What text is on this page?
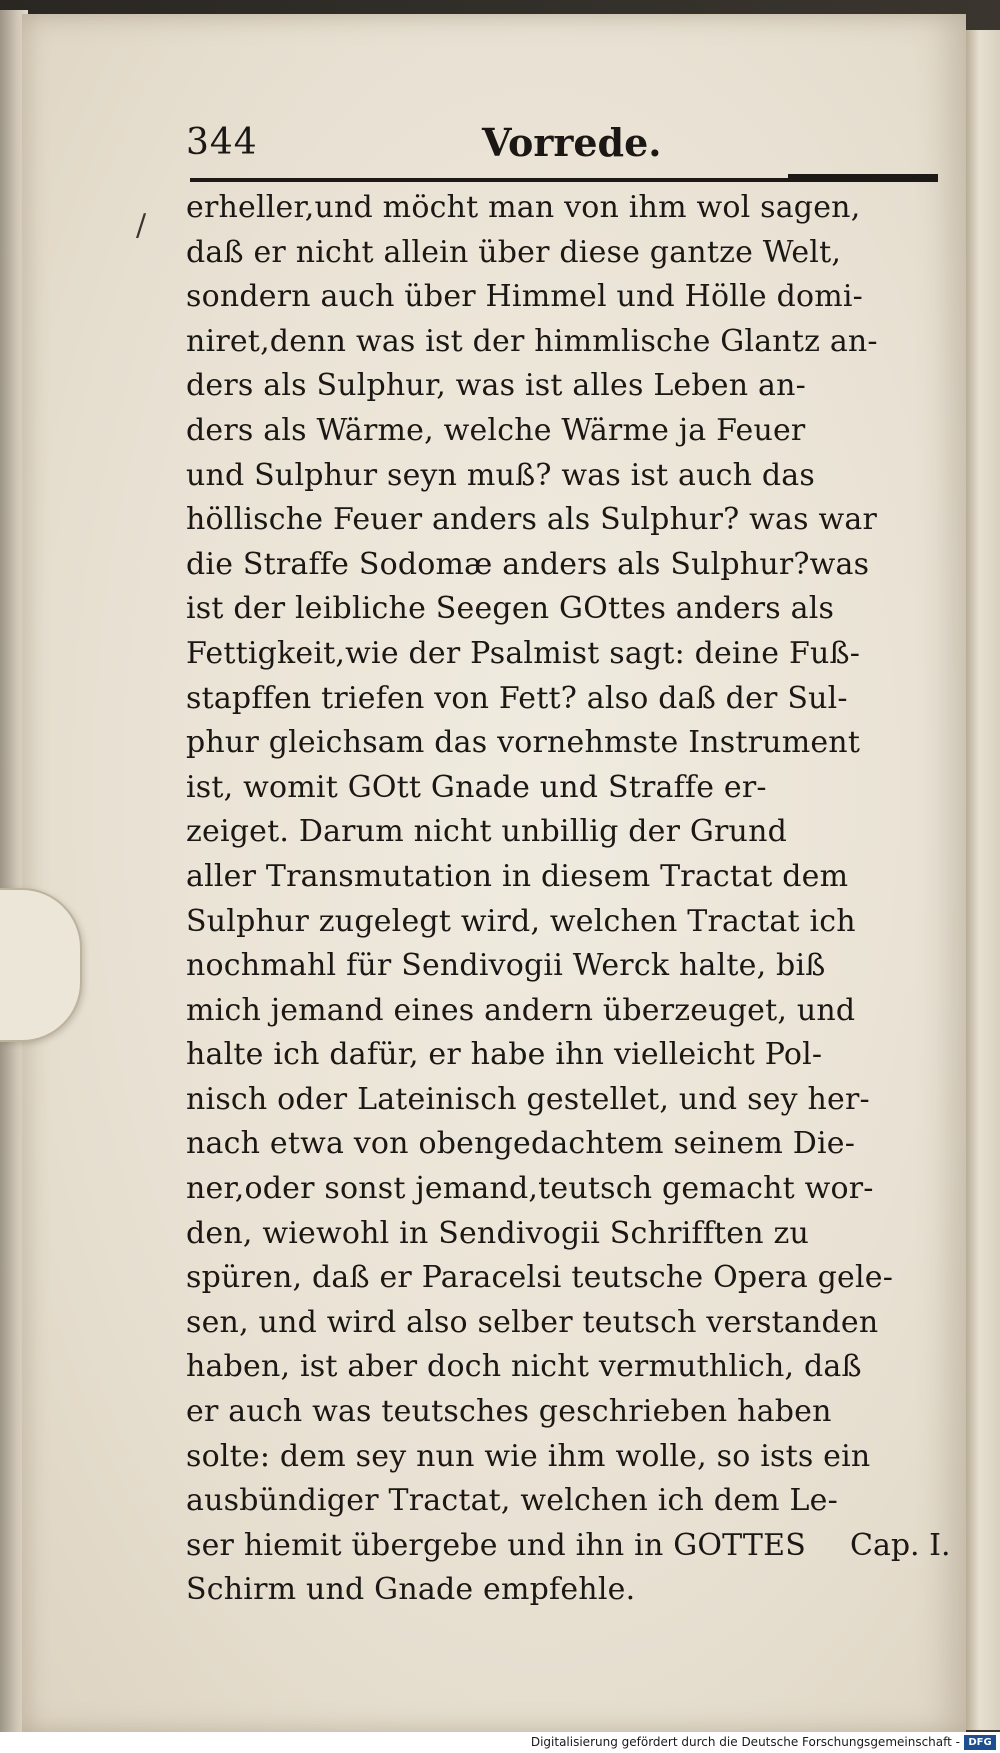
344	Vorrede.
/
erheller,und möcht man von ihm wol sagen,
daß er nicht allein über diese gantze Welt,
sondern auch über Himmel und Hölle domi-
niret,denn was ist der himmlische Glantz an-
ders als Sulphur, was ist alles Leben an-
ders als Wärme, welche Wärme ja Feuer
und Sulphur seyn muß? was ist auch das
höllische Feuer anders als Sulphur? was war
die Straffe Sodomæ anders als Sulphur?was
ist der leibliche Seegen GOttes anders als
Fettigkeit,wie der Psalmist sagt: deine Fuß-
stapffen triefen von Fett? also daß der Sul-
phur gleichsam das vornehmste Instrument
ist, womit GOtt Gnade und Straffe er-
zeiget. Darum nicht unbillig der Grund
aller Transmutation in diesem Tractat dem
Sulphur zugelegt wird, welchen Tractat ich
nochmahl für Sendivogii Werck halte, biß
mich jemand eines andern überzeuget, und
halte ich dafür, er habe ihn vielleicht Pol-
nisch oder Lateinisch gestellet, und sey her-
nach etwa von obengedachtem seinem Die-
ner,oder sonst jemand,teutsch gemacht wor-
den, wiewohl in Sendivogii Schrifften zu
spüren, daß er Paracelsi teutsche Opera gele-
sen, und wird also selber teutsch verstanden
haben, ist aber doch nicht vermuthlich, daß
er auch was teutsches geschrieben haben
solte: dem sey nun wie ihm wolle, so ists ein
ausbündiger Tractat, welchen ich dem Le-
ser hiemit übergebe und ihn in GOTTES
Schirm und Gnade empfehle.
Cap. I.
Digitalisierung gefördert durch die Deutsche Forschungsgemeinschaft - DFG
